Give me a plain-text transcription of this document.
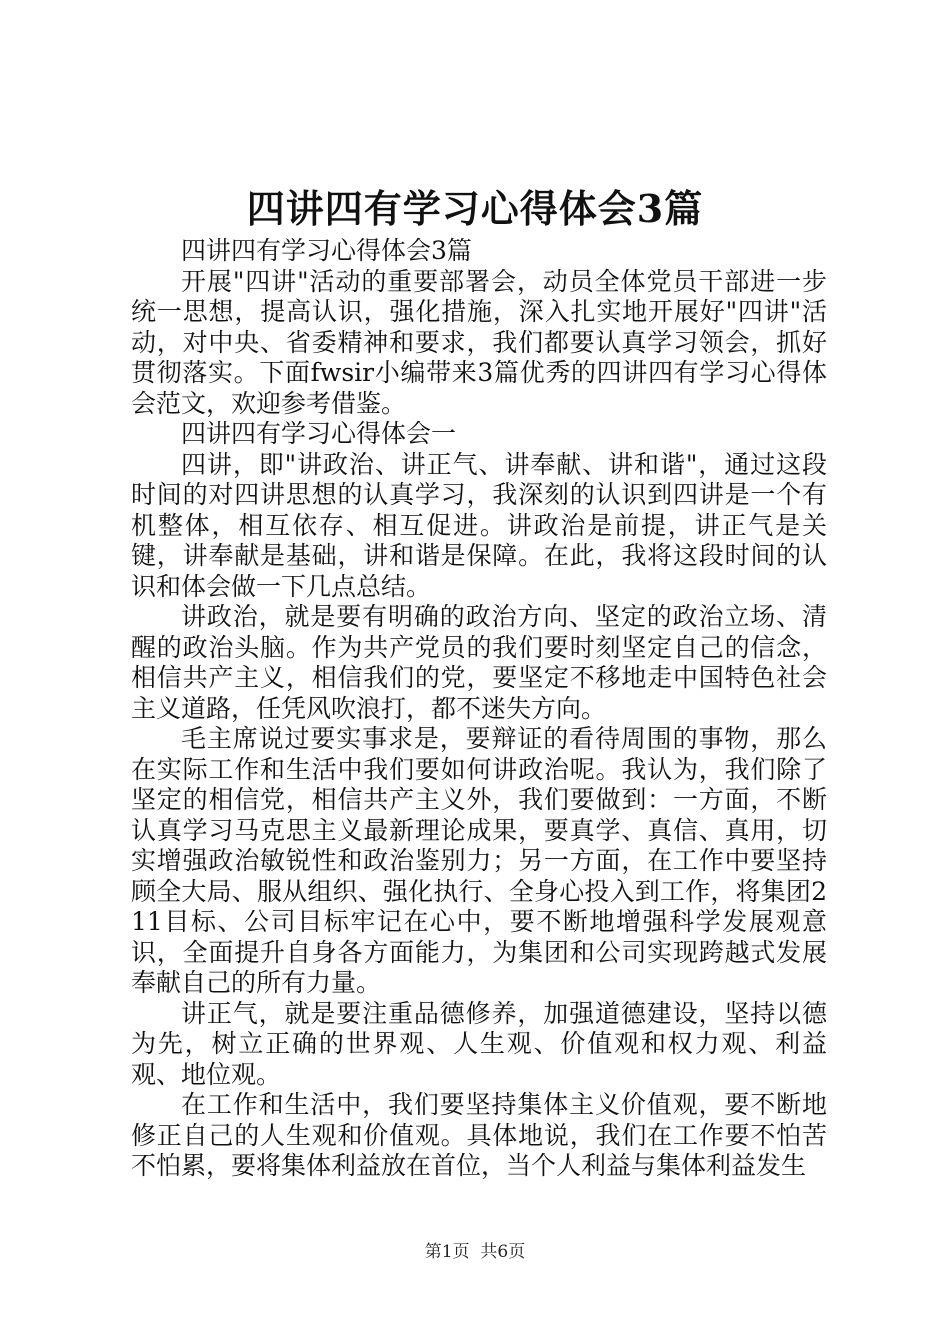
四讲四有学习心得体会3篇

四讲四有学习心得体会3篇

开展"四讲"活动的重要部署会，动员全体党员干部进一步统一思想，提高认识，强化措施，深入扎实地开展好"四讲"活动，对中央、省委精神和要求，我们都要认真学习领会，抓好贯彻落实。下面fwsir小编带来3篇优秀的四讲四有学习心得体会范文，欢迎参考借鉴。

四讲四有学习心得体会一

四讲，即"讲政治、讲正气、讲奉献、讲和谐"，通过这段时间的对四讲思想的认真学习，我深刻的认识到四讲是一个有机整体，相互依存、相互促进。讲政治是前提，讲正气是关键，讲奉献是基础，讲和谐是保障。在此，我将这段时间的认识和体会做一下几点总结。

讲政治，就是要有明确的政治方向、坚定的政治立场、清醒的政治头脑。作为共产党员的我们要时刻坚定自己的信念，相信共产主义，相信我们的党，要坚定不移地走中国特色社会主义道路，任凭风吹浪打，都不迷失方向。

毛主席说过要实事求是，要辩证的看待周围的事物，那么在实际工作和生活中我们要如何讲政治呢。我认为，我们除了坚定的相信党，相信共产主义外，我们要做到：一方面，不断认真学习马克思主义最新理论成果，要真学、真信、真用，切实增强政治敏锐性和政治鉴别力；另一方面，在工作中要坚持顾全大局、服从组织、强化执行、全身心投入到工作，将集团211目标、公司目标牢记在心中，要不断地增强科学发展观意识，全面提升自身各方面能力，为集团和公司实现跨越式发展奉献自己的所有力量。

讲正气，就是要注重品德修养，加强道德建设，坚持以德为先，树立正确的世界观、人生观、价值观和权力观、利益观、地位观。

在工作和生活中，我们要坚持集体主义价值观，要不断地修正自己的人生观和价值观。具体地说，我们在工作要不怕苦不怕累，要将集体利益放在首位，当个人利益与集体利益发生

第1页  共6页
